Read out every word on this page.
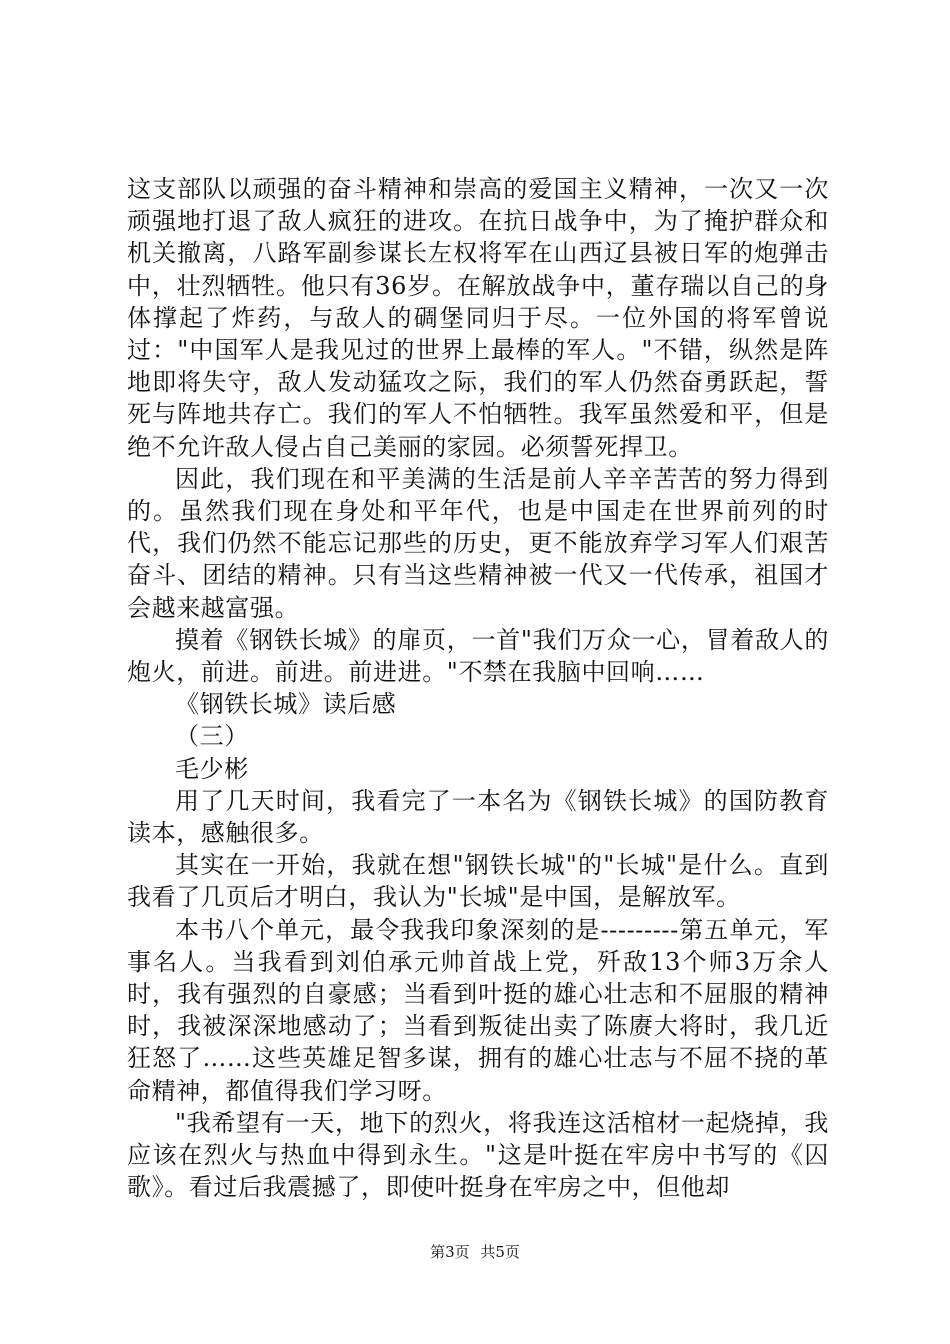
这支部队以顽强的奋斗精神和崇高的爱国主义精神，一次又一次顽强地打退了敌人疯狂的进攻。在抗日战争中，为了掩护群众和机关撤离，八路军副参谋长左权将军在山西辽县被日军的炮弹击中，壮烈牺牲。他只有36岁。在解放战争中，董存瑞以自己的身体撑起了炸药，与敌人的碉堡同归于尽。一位外国的将军曾说过："中国军人是我见过的世界上最棒的军人。"不错，纵然是阵地即将失守，敌人发动猛攻之际，我们的军人仍然奋勇跃起，誓死与阵地共存亡。我们的军人不怕牺牲。我军虽然爱和平，但是绝不允许敌人侵占自己美丽的家园。必须誓死捍卫。

因此，我们现在和平美满的生活是前人辛辛苦苦的努力得到的。虽然我们现在身处和平年代，也是中国走在世界前列的时代，我们仍然不能忘记那些的历史，更不能放弃学习军人们艰苦奋斗、团结的精神。只有当这些精神被一代又一代传承，祖国才会越来越富强。

摸着《钢铁长城》的扉页，一首"我们万众一心，冒着敌人的炮火，前进。前进。前进进。"不禁在我脑中回响……

《钢铁长城》读后感

（三）

毛少彬

用了几天时间，我看完了一本名为《钢铁长城》的国防教育读本，感触很多。

其实在一开始，我就在想"钢铁长城"的"长城"是什么。直到我看了几页后才明白，我认为"长城"是中国，是解放军。

本书八个单元，最令我我印象深刻的是---------第五单元，军事名人。当我看到刘伯承元帅首战上党，歼敌13个师3万余人时，我有强烈的自豪感；当看到叶挺的雄心壮志和不屈服的精神时，我被深深地感动了；当看到叛徒出卖了陈赓大将时，我几近狂怒了……这些英雄足智多谋，拥有的雄心壮志与不屈不挠的革命精神，都值得我们学习呀。

"我希望有一天，地下的烈火，将我连这活棺材一起烧掉，我应该在烈火与热血中得到永生。"这是叶挺在牢房中书写的《囚歌》。看过后我震撼了，即使叶挺身在牢房之中，但他却

第3页 共5页
